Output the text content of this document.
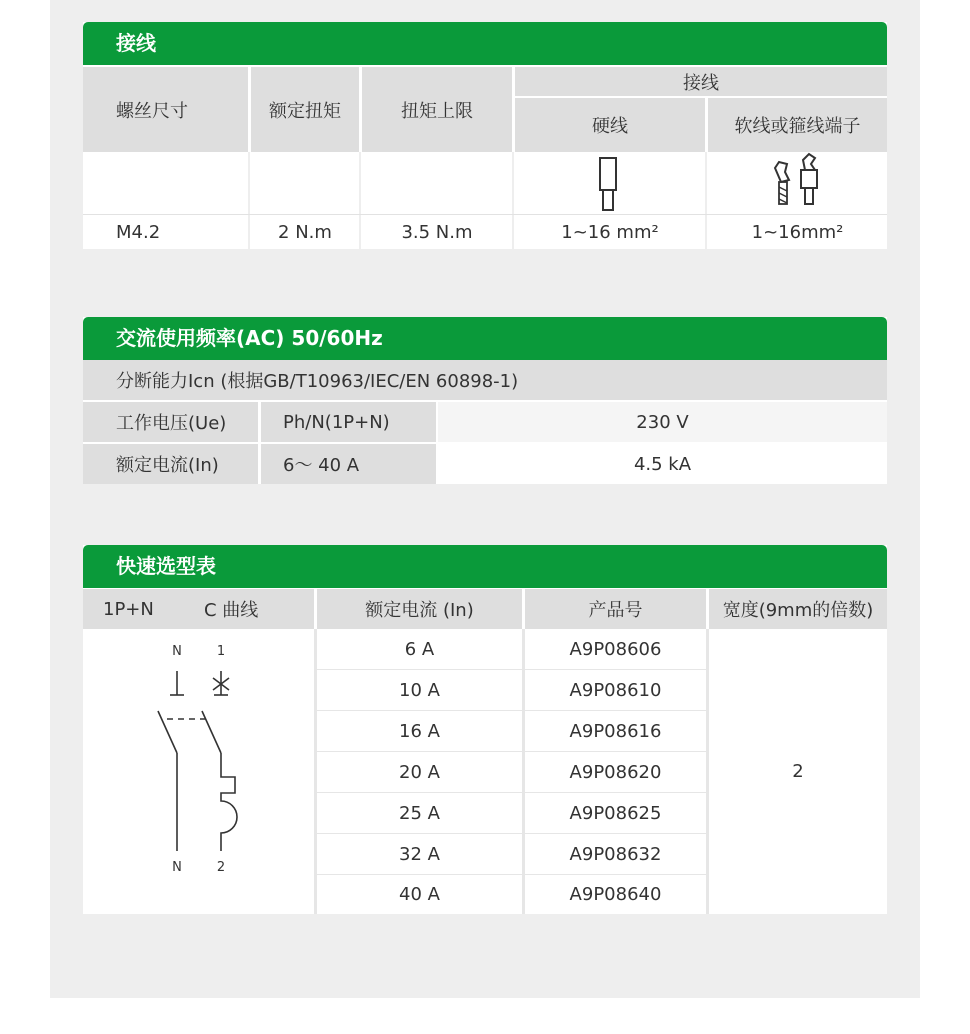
接线
螺丝尺寸	额定扭矩	扭矩上限
接线
硬线	软线或箍线端子
M4.2	2 N.m	3.5 N.m	1~16 mm²	1~16mm²
交流使用频率(AC) 50/60Hz
分断能力Icn (根据GB/T10963/IEC/EN 60898-1)
工作电压(Ue)	Ph/N(1P+N)	230 V
额定电流(In)	6～ 40 A	4.5 kA
快速选型表
1P+N	C 曲线	额定电流 (In)	产品号	宽度(9mm的倍数)
N	1
N	2
6 A	A9P08606
10 A	A9P08610
16 A	A9P08616
20 A	A9P08620
25 A	A9P08625
32 A	A9P08632
40 A	A9P08640
2
